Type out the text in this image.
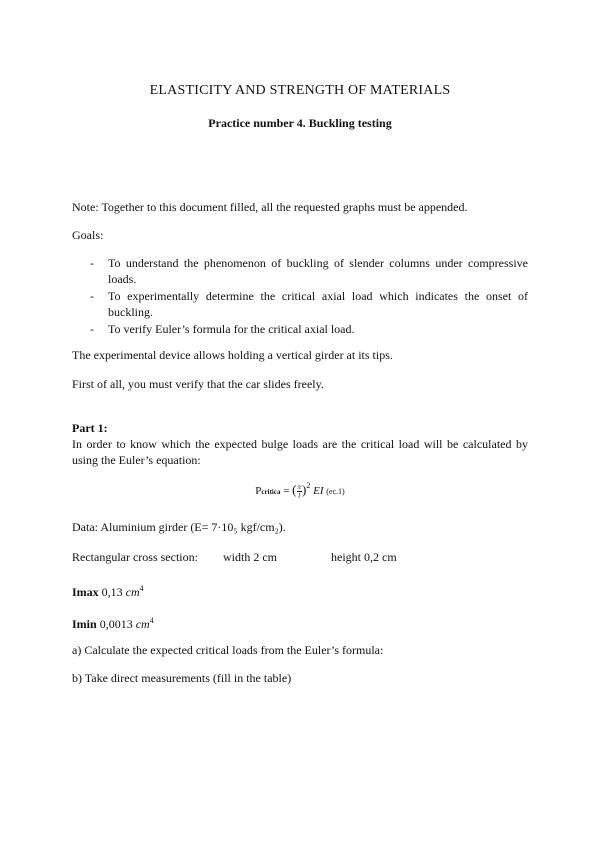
ELASTICITY AND STRENGTH OF MATERIALS
Practice number 4. Buckling testing
Note: Together to this document filled, all the requested graphs must be appended.
Goals:
- To understand the phenomenon of buckling of slender columns under compressive loads.
- To experimentally determine the critical axial load which indicates the onset of buckling.
- To verify Euler’s formula for the critical axial load.
The experimental device allows holding a vertical girder at its tips.
First of all, you must verify that the car slides freely.
Part 1:
In order to know which the expected bulge loads are the critical load will be calculated by using the Euler’s equation:
Pcritica = ( $\frac{\pi}{l} )^2$ EI (ec.1)
Data: Aluminium girder (E= 7·10₅ kgf/cm₂).
Rectangular cross section: width 2 cm	height 0,2 cm
Imax 0,13 $cm^4$
Imin 0,0013 $cm^4$
a) Calculate the expected critical loads from the Euler’s formula:
b) Take direct measurements (fill in the table)
